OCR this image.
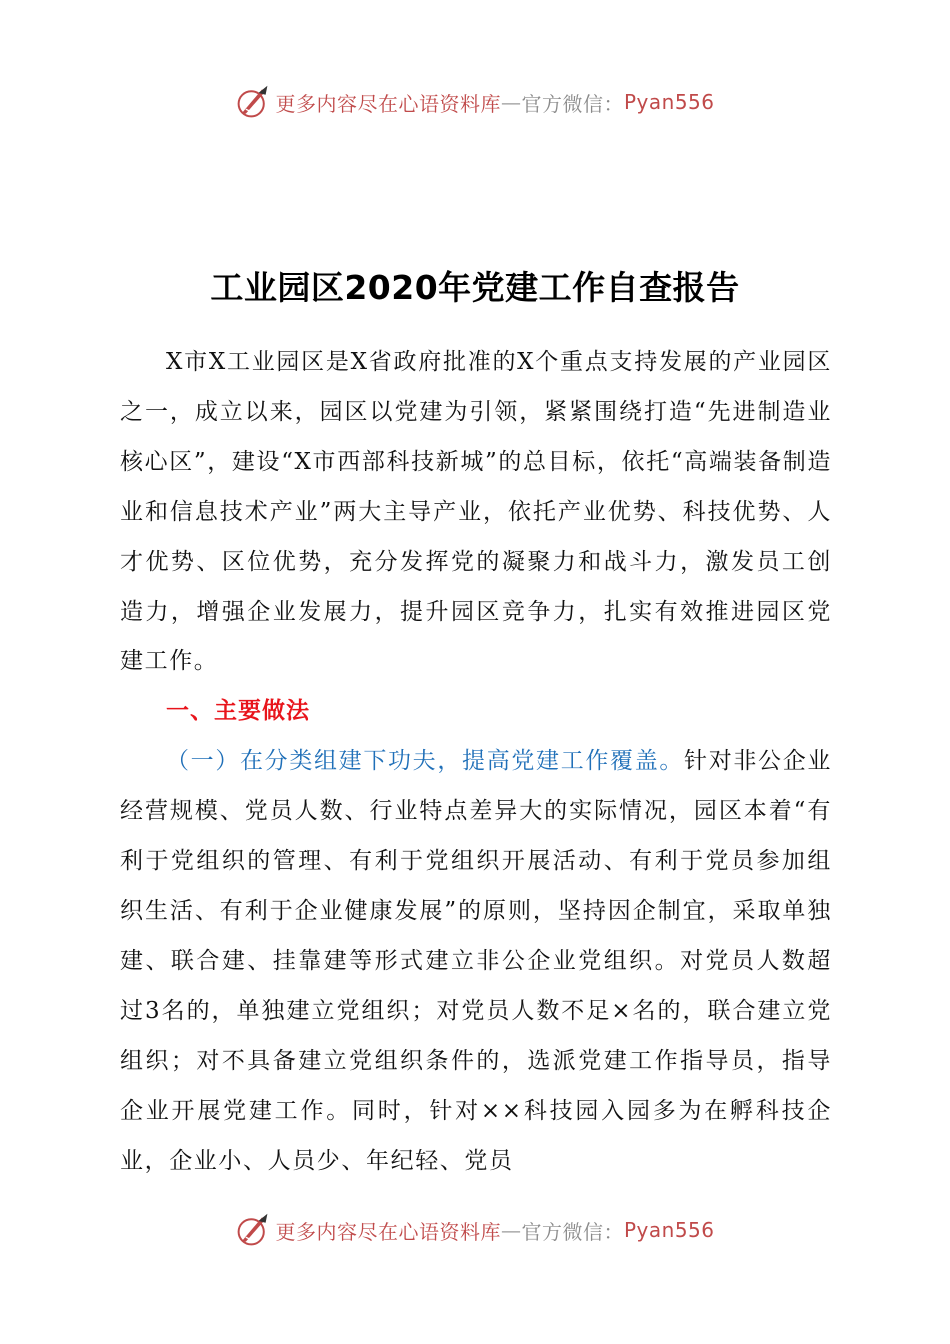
更多内容尽在心语资料库 — 官方微信： Pyan556
工业园区2020年党建工作自查报告

X市X工业园区是X省政府批准的X个重点支持发展的产业园区之一，成立以来，园区以党建为引领，紧紧围绕打造“先进制造业核心区”，建设“X市西部科技新城”的总目标，依托“高端装备制造业和信息技术产业”两大主导产业，依托产业优势、科技优势、人才优势、区位优势，充分发挥党的凝聚力和战斗力，激发员工创造力，增强企业发展力，提升园区竞争力，扎实有效推进园区党建工作。

一、主要做法

（一）在分类组建下功夫，提高党建工作覆盖。针对非公企业经营规模、党员人数、行业特点差异大的实际情况，园区本着“有利于党组织的管理、有利于党组织开展活动、有利于党员参加组织生活、有利于企业健康发展”的原则，坚持因企制宜，采取单独建、联合建、挂靠建等形式建立非公企业党组织。对党员人数超过3名的，单独建立党组织；对党员人数不足×名的，联合建立党组织；对不具备建立党组织条件的，选派党建工作指导员，指导企业开展党建工作。同时，针对××科技园入园多为在孵科技企业，企业小、人员少、年纪轻、党员

更多内容尽在心语资料库 — 官方微信： Pyan556
